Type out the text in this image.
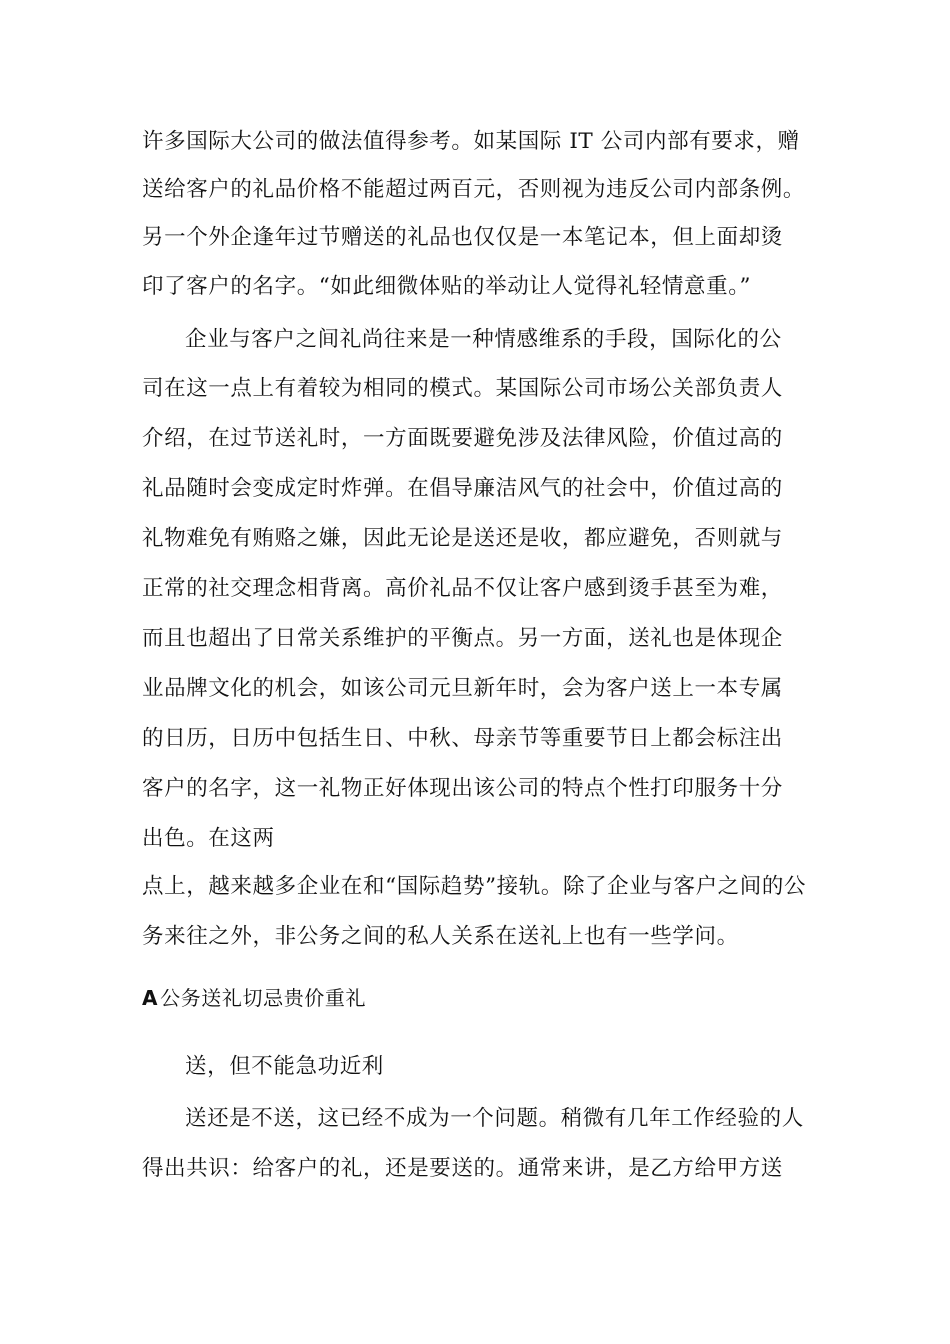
许多国际大公司的做法值得参考。如某国际 IT 公司内部有要求，赠
送给客户的礼品价格不能超过两百元，否则视为违反公司内部条例。
另一个外企逢年过节赠送的礼品也仅仅是一本笔记本，但上面却烫
印了客户的名字。“如此细微体贴的举动让人觉得礼轻情意重。”
企业与客户之间礼尚往来是一种情感维系的手段，国际化的公
司在这一点上有着较为相同的模式。某国际公司市场公关部负责人
介绍，在过节送礼时，一方面既要避免涉及法律风险，价值过高的
礼品随时会变成定时炸弹。在倡导廉洁风气的社会中，价值过高的
礼物难免有贿赂之嫌，因此无论是送还是收，都应避免，否则就与
正常的社交理念相背离。高价礼品不仅让客户感到烫手甚至为难，
而且也超出了日常关系维护的平衡点。另一方面，送礼也是体现企
业品牌文化的机会，如该公司元旦新年时，会为客户送上一本专属
的日历，日历中包括生日、中秋、母亲节等重要节日上都会标注出
客户的名字，这一礼物正好体现出该公司的特点个性打印服务十分
出色。在这两
点上，越来越多企业在和“国际趋势”接轨。除了企业与客户之间的公
务来往之外，非公务之间的私人关系在送礼上也有一些学问。
A 公务送礼切忌贵价重礼
送，但不能急功近利
送还是不送，这已经不成为一个问题。稍微有几年工作经验的人
得出共识：给客户的礼，还是要送的。通常来讲，是乙方给甲方送
